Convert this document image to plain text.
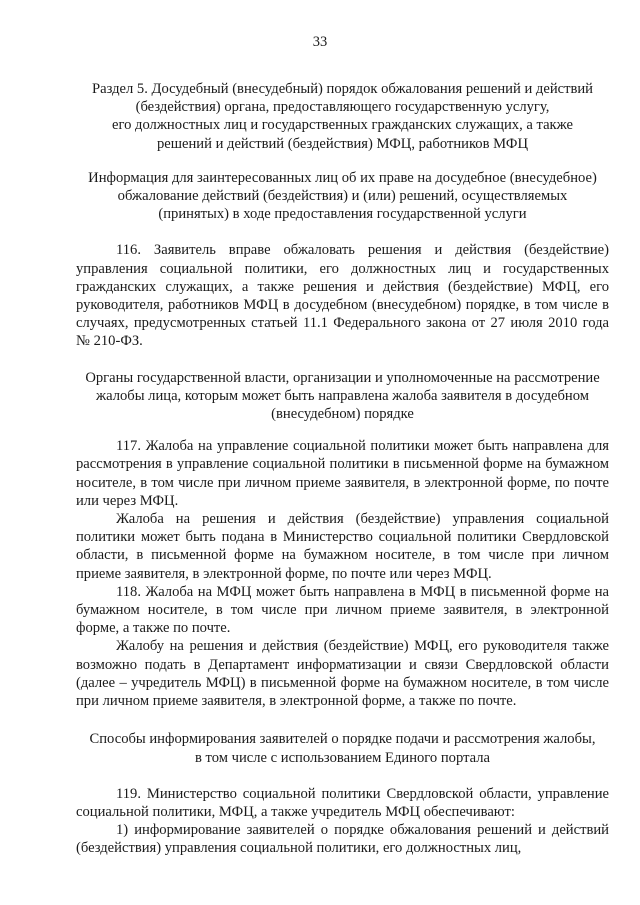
33
Раздел 5. Досудебный (внесудебный) порядок обжалования решений и действий
(бездействия) органа, предоставляющего государственную услугу,
его должностных лиц и государственных гражданских служащих, а также
решений и действий (бездействия) МФЦ, работников МФЦ
Информация для заинтересованных лиц об их праве на досудебное (внесудебное)
обжалование действий (бездействия) и (или) решений, осуществляемых
(принятых) в ходе предоставления государственной услуги

116. Заявитель вправе обжаловать решения и действия (бездействие) управления социальной политики, его должностных лиц и государственных гражданских служащих, а также решения и действия (бездействие) МФЦ, его руководителя, работников МФЦ в досудебном (внесудебном) порядке, в том числе в случаях, предусмотренных статьей 11.1 Федерального закона от 27 июля 2010 года № 210-ФЗ.

Органы государственной власти, организации и уполномоченные на рассмотрение
жалобы лица, которым может быть направлена жалоба заявителя в досудебном
(внесудебном) порядке

117. Жалоба на управление социальной политики может быть направлена для рассмотрения в управление социальной политики в письменной форме на бумажном носителе, в том числе при личном приеме заявителя, в электронной форме, по почте или через МФЦ.

Жалоба на решения и действия (бездействие) управления социальной политики может быть подана в Министерство социальной политики Свердловской области, в письменной форме на бумажном носителе, в том числе при личном приеме заявителя, в электронной форме, по почте или через МФЦ.

118. Жалоба на МФЦ может быть направлена в МФЦ в письменной форме на бумажном носителе, в том числе при личном приеме заявителя, в электронной форме, а также по почте.

Жалобу на решения и действия (бездействие) МФЦ, его руководителя также возможно подать в Департамент информатизации и связи Свердловской области (далее – учредитель МФЦ) в письменной форме на бумажном носителе, в том числе при личном приеме заявителя, в электронной форме, а также по почте.

Способы информирования заявителей о порядке подачи и рассмотрения жалобы,
в том числе с использованием Единого портала

119. Министерство социальной политики Свердловской области, управление социальной политики, МФЦ, а также учредитель МФЦ обеспечивают:

1) информирование заявителей о порядке обжалования решений и действий (бездействия) управления социальной политики, его должностных лиц,
